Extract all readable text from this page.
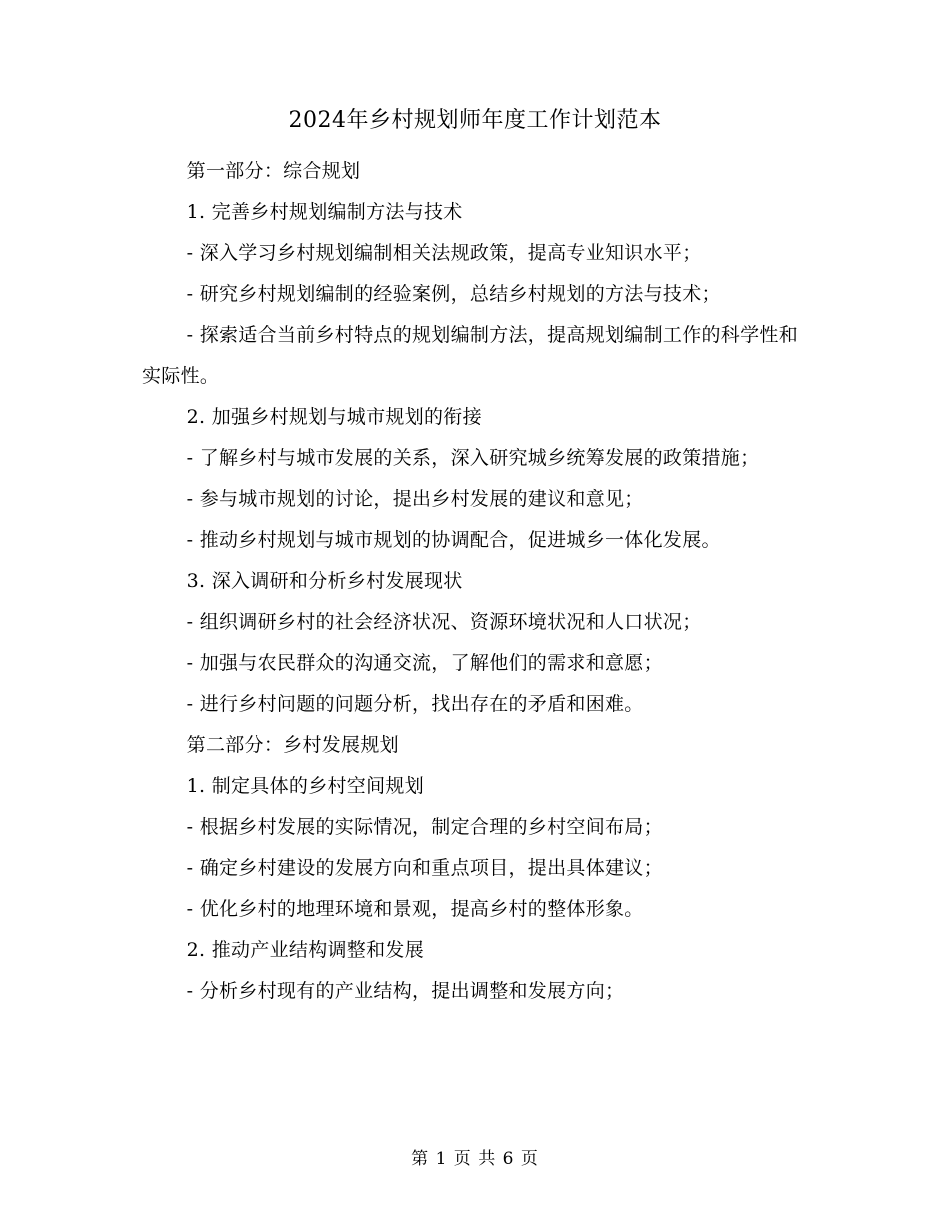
2024年乡村规划师年度工作计划范本

第一部分：综合规划

1. 完善乡村规划编制方法与技术

- 深入学习乡村规划编制相关法规政策，提高专业知识水平；

- 研究乡村规划编制的经验案例，总结乡村规划的方法与技术；

- 探索适合当前乡村特点的规划编制方法，提高规划编制工作的科学性和实际性。

2. 加强乡村规划与城市规划的衔接

- 了解乡村与城市发展的关系，深入研究城乡统筹发展的政策措施；

- 参与城市规划的讨论，提出乡村发展的建议和意见；

- 推动乡村规划与城市规划的协调配合，促进城乡一体化发展。

3. 深入调研和分析乡村发展现状

- 组织调研乡村的社会经济状况、资源环境状况和人口状况；

- 加强与农民群众的沟通交流，了解他们的需求和意愿；

- 进行乡村问题的问题分析，找出存在的矛盾和困难。

第二部分：乡村发展规划

1. 制定具体的乡村空间规划

- 根据乡村发展的实际情况，制定合理的乡村空间布局；

- 确定乡村建设的发展方向和重点项目，提出具体建议；

- 优化乡村的地理环境和景观，提高乡村的整体形象。

2. 推动产业结构调整和发展

- 分析乡村现有的产业结构，提出调整和发展方向；

第 1 页 共 6 页
